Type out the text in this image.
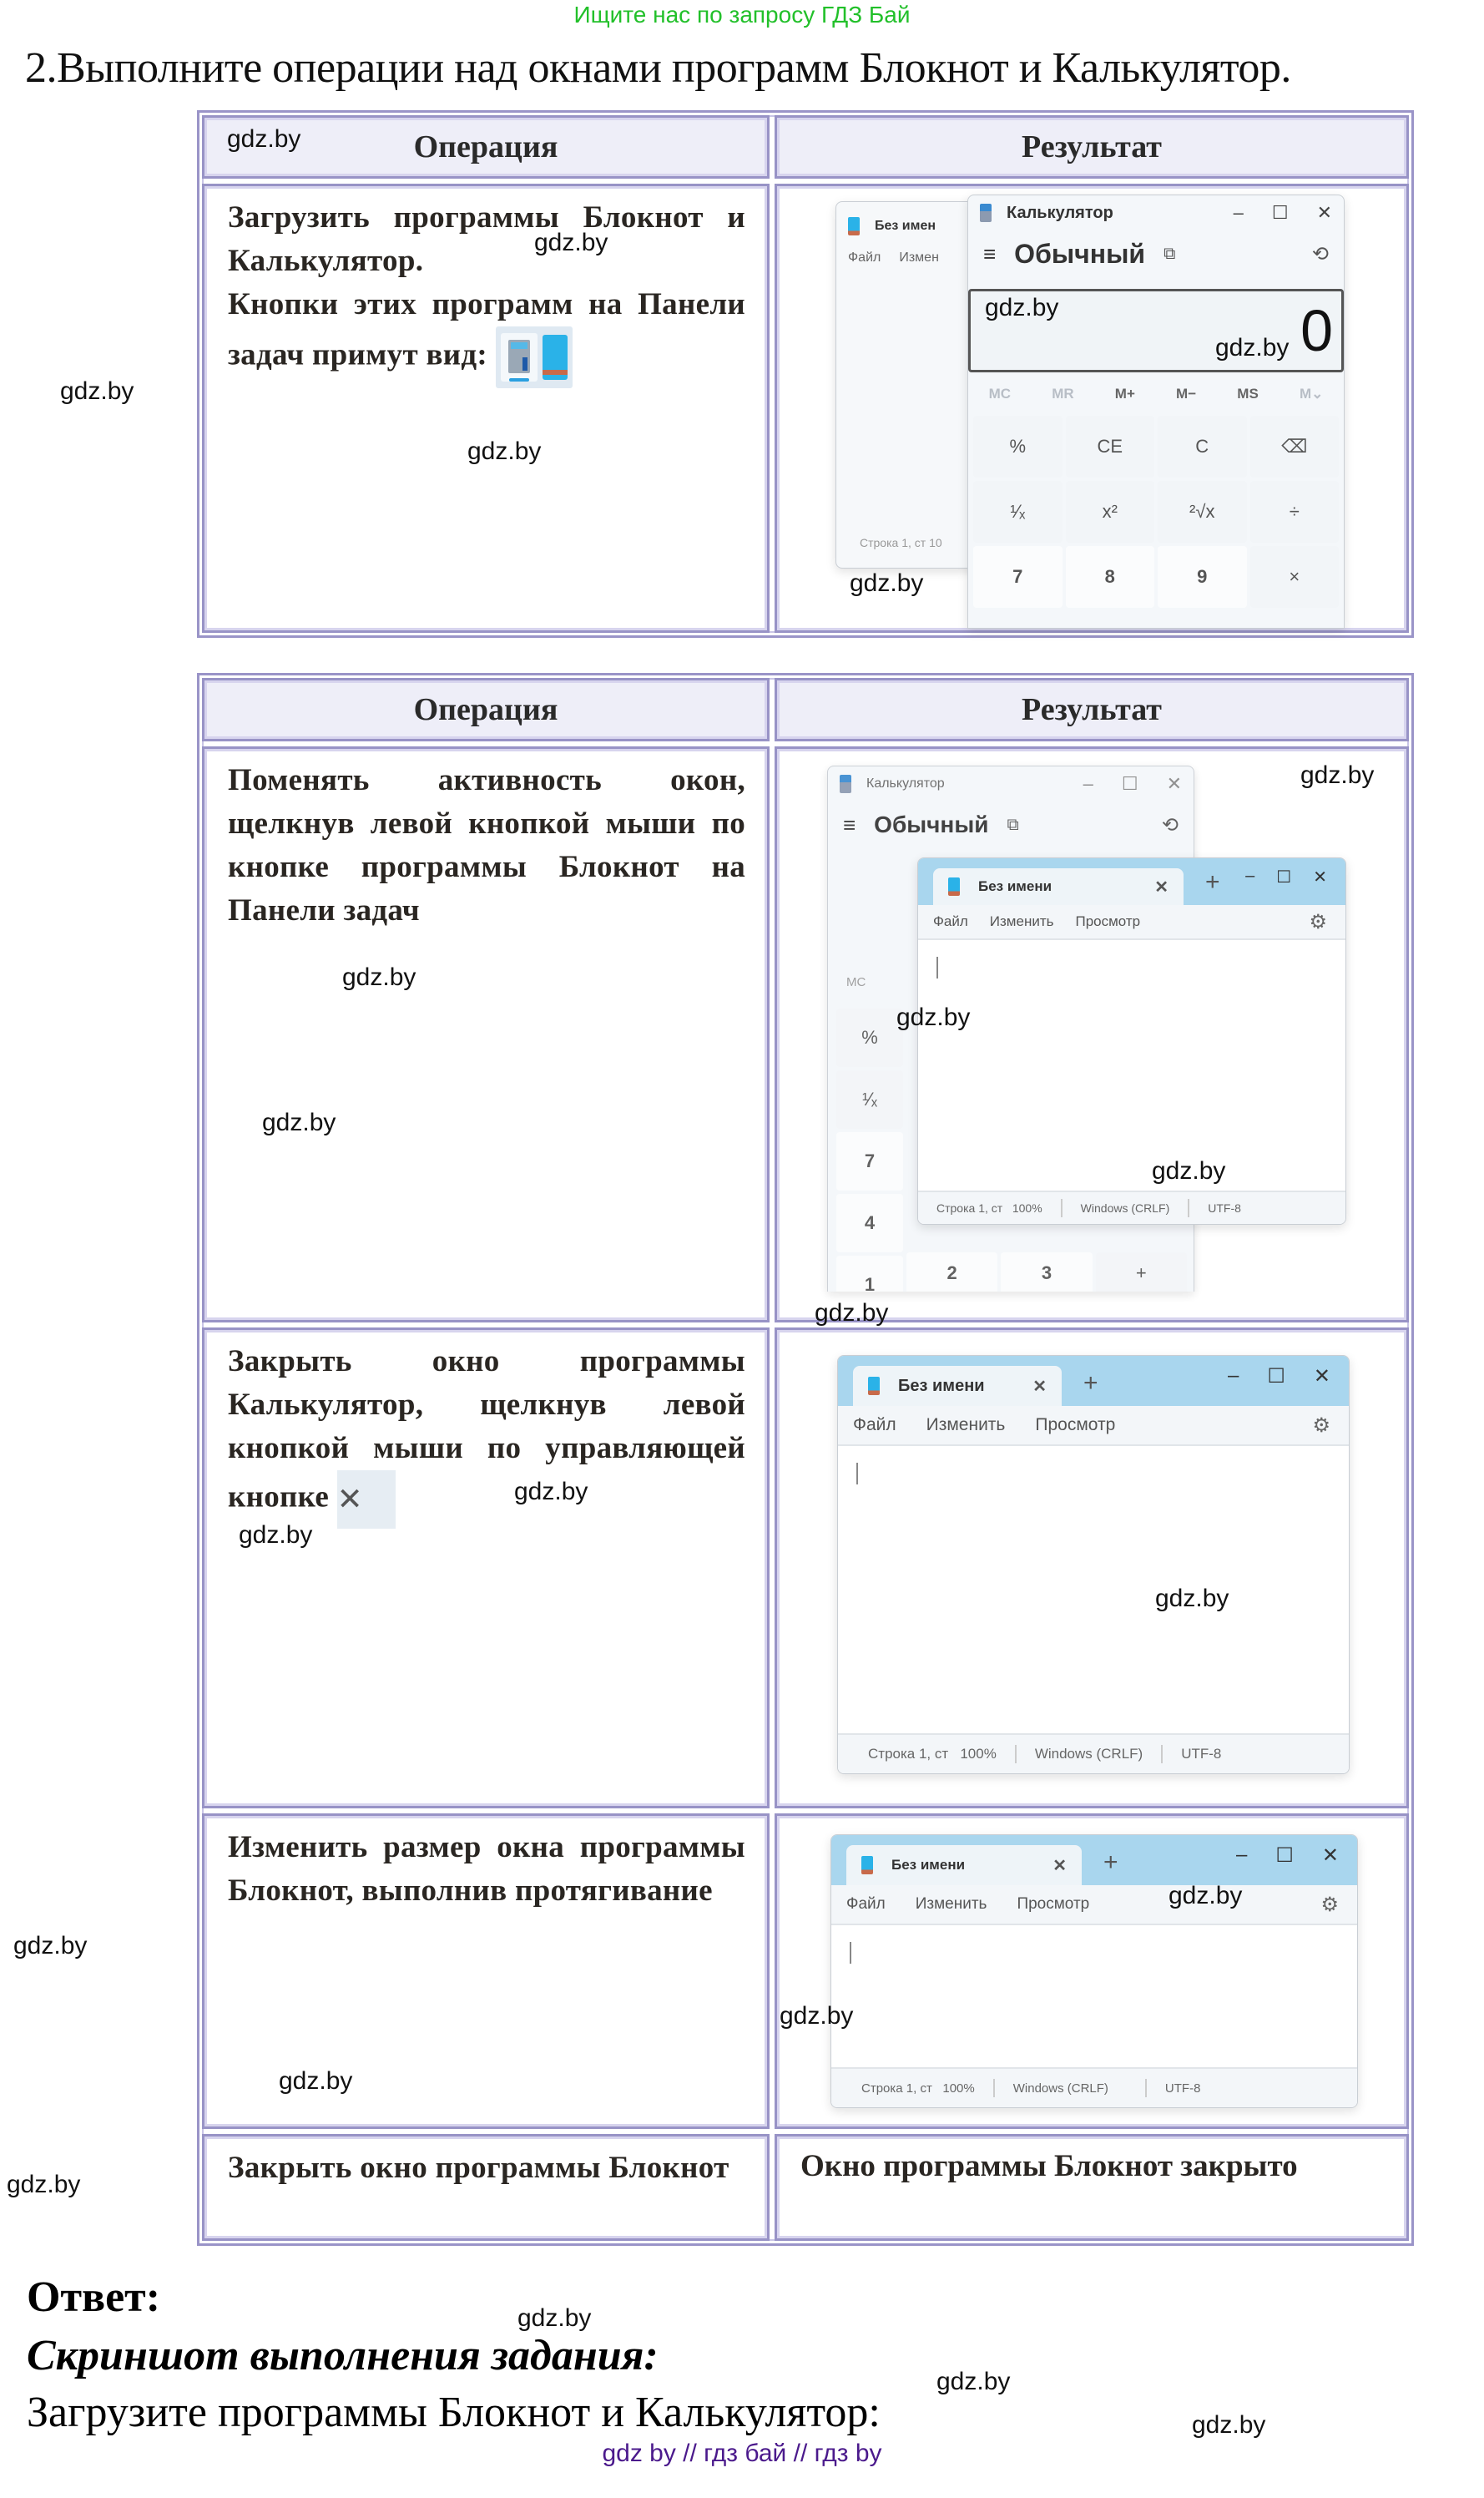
Ищите нас по запросу ГДЗ Бай
2.Выполните операции над окнами программ Блокнот и Калькулятор.
Операция	Результат

Загрузить программы Блокнот и Калькулятор.

Кнопки этих программ на Панели задач примут вид:

Без имен
Файл Измен
Строка 1, ст 10
Калькулятор	– ☐ ✕
≡ Обычный ⧉	⟲
0
MC	MR	M+	M−	MS	M⌄
%	CE	C	⌫
¹⁄ₓ	x²	²√x	÷
7	8	9	×
Операция	Результат

Поменять активность окон, щелкнув левой кнопкой мыши по кнопке программы Блокнот на Панели задач

Калькулятор	– ☐ ✕
≡ Обычный ⧉	⟲
MC
%
¹⁄ₓ
7
4
1
2	3	+
Без имени	✕ + – ☐ ✕
Файл Изменить Просмотр	⚙
Строка 1, ст
100%	Windows (CRLF)	UTF-8

Закрыть окно программы Калькулятор, щелкнув левой кнопкой мыши по управляющей кнопке ✕

Без имени	✕ +	– ☐ ✕
Файл Изменить Просмотр	⚙
Строка 1, ст
100%	Windows (CRLF)	UTF-8

Изменить размер окна программы Блокнот, выполнив протягивание

Без имени	✕ +	– ☐ ✕
Файл Изменить Просмотр	⚙
Строка 1, ст
100%	Windows (CRLF)	UTF-8

Закрыть окно программы Блокнот	Окно программы Блокнот закрыто
Ответ:
Скриншот выполнения задания:
Загрузите программы Блокнот и Калькулятор:
gdz by // гдз бай // гдз by
gdz.by
gdz.by
gdz.by
gdz.by
gdz.by
gdz.by
gdz.by
gdz.by
gdz.by
gdz.by
gdz.by
gdz.by
gdz.by
gdz.by
gdz.by
gdz.by
gdz.by
gdz.by
gdz.by
gdz.by
gdz.by
gdz.by
gdz.by
gdz.by
